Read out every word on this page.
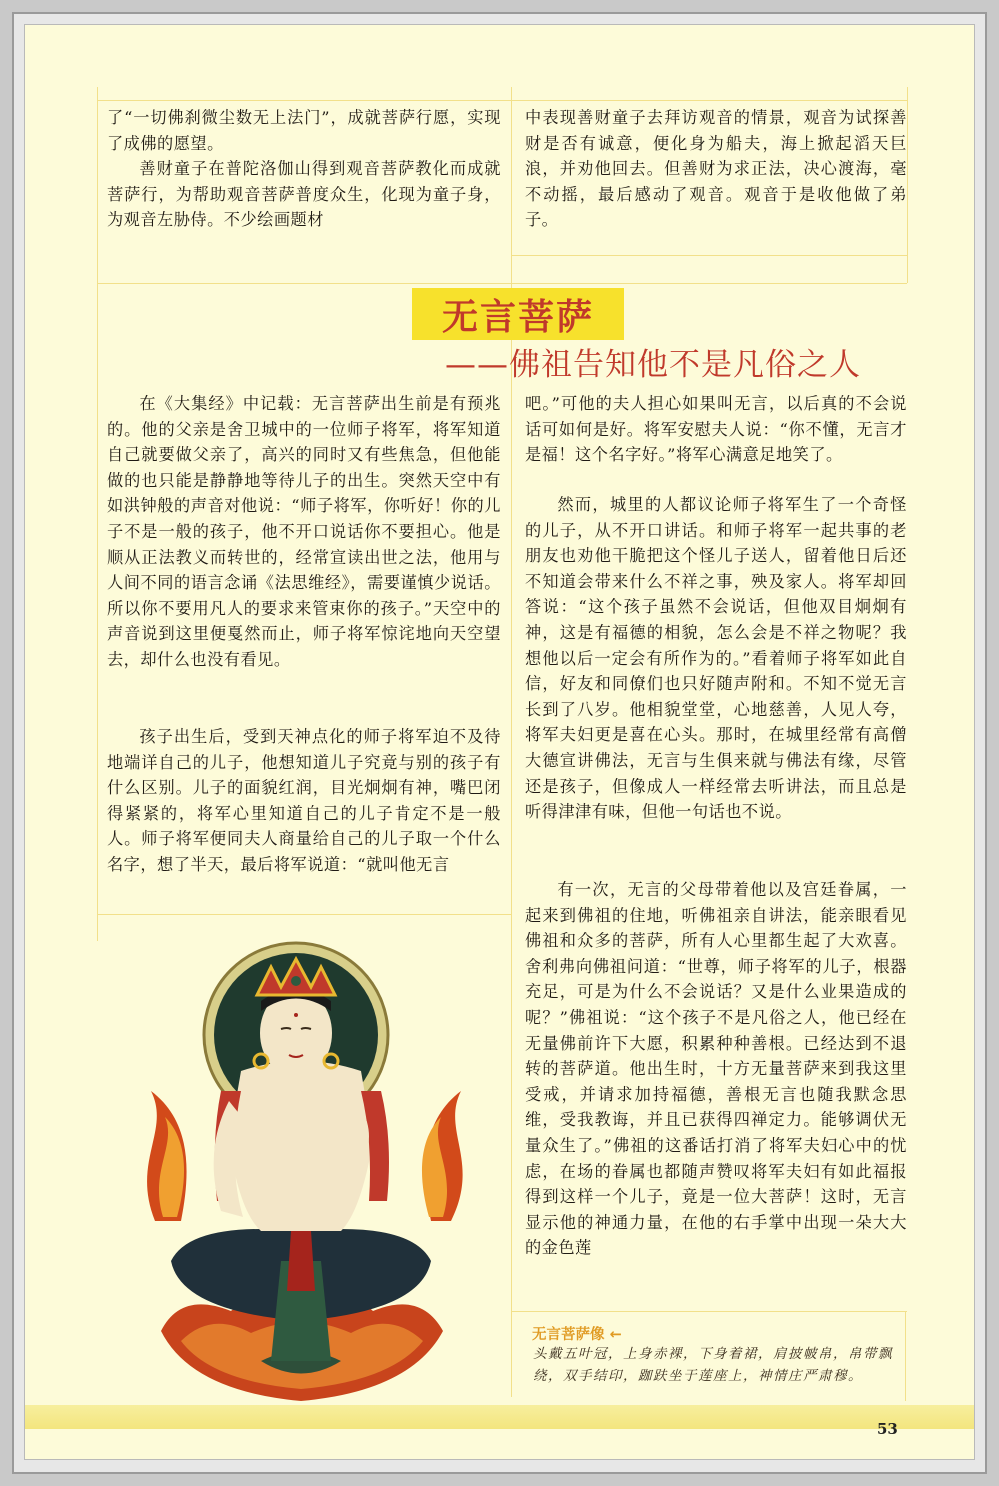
了“一切佛刹微尘数无上法门”，成就菩萨行愿，实现了成佛的愿望。

善财童子在普陀洛伽山得到观音菩萨教化而成就菩萨行，为帮助观音菩萨普度众生，化现为童子身，为观音左胁侍。不少绘画题材

中表现善财童子去拜访观音的情景，观音为试探善财是否有诚意，便化身为船夫，海上掀起滔天巨浪，并劝他回去。但善财为求正法，决心渡海，毫不动摇，最后感动了观音。观音于是收他做了弟子。

无言菩萨
——佛祖告知他不是凡俗之人

在《大集经》中记载：无言菩萨出生前是有预兆的。他的父亲是舍卫城中的一位师子将军，将军知道自己就要做父亲了，高兴的同时又有些焦急，但他能做的也只能是静静地等待儿子的出生。突然天空中有如洪钟般的声音对他说：“师子将军，你听好！你的儿子不是一般的孩子，他不开口说话你不要担心。他是顺从正法教义而转世的，经常宣读出世之法，他用与人间不同的语言念诵《法思维经》，需要谨慎少说话。所以你不要用凡人的要求来管束你的孩子。”天空中的声音说到这里便戛然而止，师子将军惊诧地向天空望去，却什么也没有看见。

孩子出生后，受到天神点化的师子将军迫不及待地端详自己的儿子，他想知道儿子究竟与别的孩子有什么区别。儿子的面貌红润，目光炯炯有神，嘴巴闭得紧紧的，将军心里知道自己的儿子肯定不是一般人。师子将军便同夫人商量给自己的儿子取一个什么名字，想了半天，最后将军说道：“就叫他无言

吧。”可他的夫人担心如果叫无言，以后真的不会说话可如何是好。将军安慰夫人说：“你不懂，无言才是福！这个名字好。”将军心满意足地笑了。

然而，城里的人都议论师子将军生了一个奇怪的儿子，从不开口讲话。和师子将军一起共事的老朋友也劝他干脆把这个怪儿子送人，留着他日后还不知道会带来什么不祥之事，殃及家人。将军却回答说：“这个孩子虽然不会说话，但他双目炯炯有神，这是有福德的相貌，怎么会是不祥之物呢？我想他以后一定会有所作为的。”看着师子将军如此自信，好友和同僚们也只好随声附和。不知不觉无言长到了八岁。他相貌堂堂，心地慈善，人见人夸，将军夫妇更是喜在心头。那时，在城里经常有高僧大德宣讲佛法，无言与生俱来就与佛法有缘，尽管还是孩子，但像成人一样经常去听讲法，而且总是听得津津有味，但他一句话也不说。

有一次，无言的父母带着他以及宫廷眷属，一起来到佛祖的住地，听佛祖亲自讲法，能亲眼看见佛祖和众多的菩萨，所有人心里都生起了大欢喜。舍利弗向佛祖问道：“世尊，师子将军的儿子，根器充足，可是为什么不会说话？又是什么业果造成的呢？”佛祖说：“这个孩子不是凡俗之人，他已经在无量佛前许下大愿，积累种种善根。已经达到不退转的菩萨道。他出生时，十方无量菩萨来到我这里受戒，并请求加持福德，善根无言也随我默念思维，受我教诲，并且已获得四禅定力。能够调伏无量众生了。”佛祖的这番话打消了将军夫妇心中的忧虑，在场的眷属也都随声赞叹将军夫妇有如此福报得到这样一个儿子，竟是一位大菩萨！这时，无言显示他的神通力量，在他的右手掌中出现一朵大大的金色莲

无言菩萨像 ←
头戴五叶冠，上身赤裸，下身着裙，肩披帔帛，帛带飘绕，双手结印，跏趺坐于莲座上，神情庄严肃穆。
53
